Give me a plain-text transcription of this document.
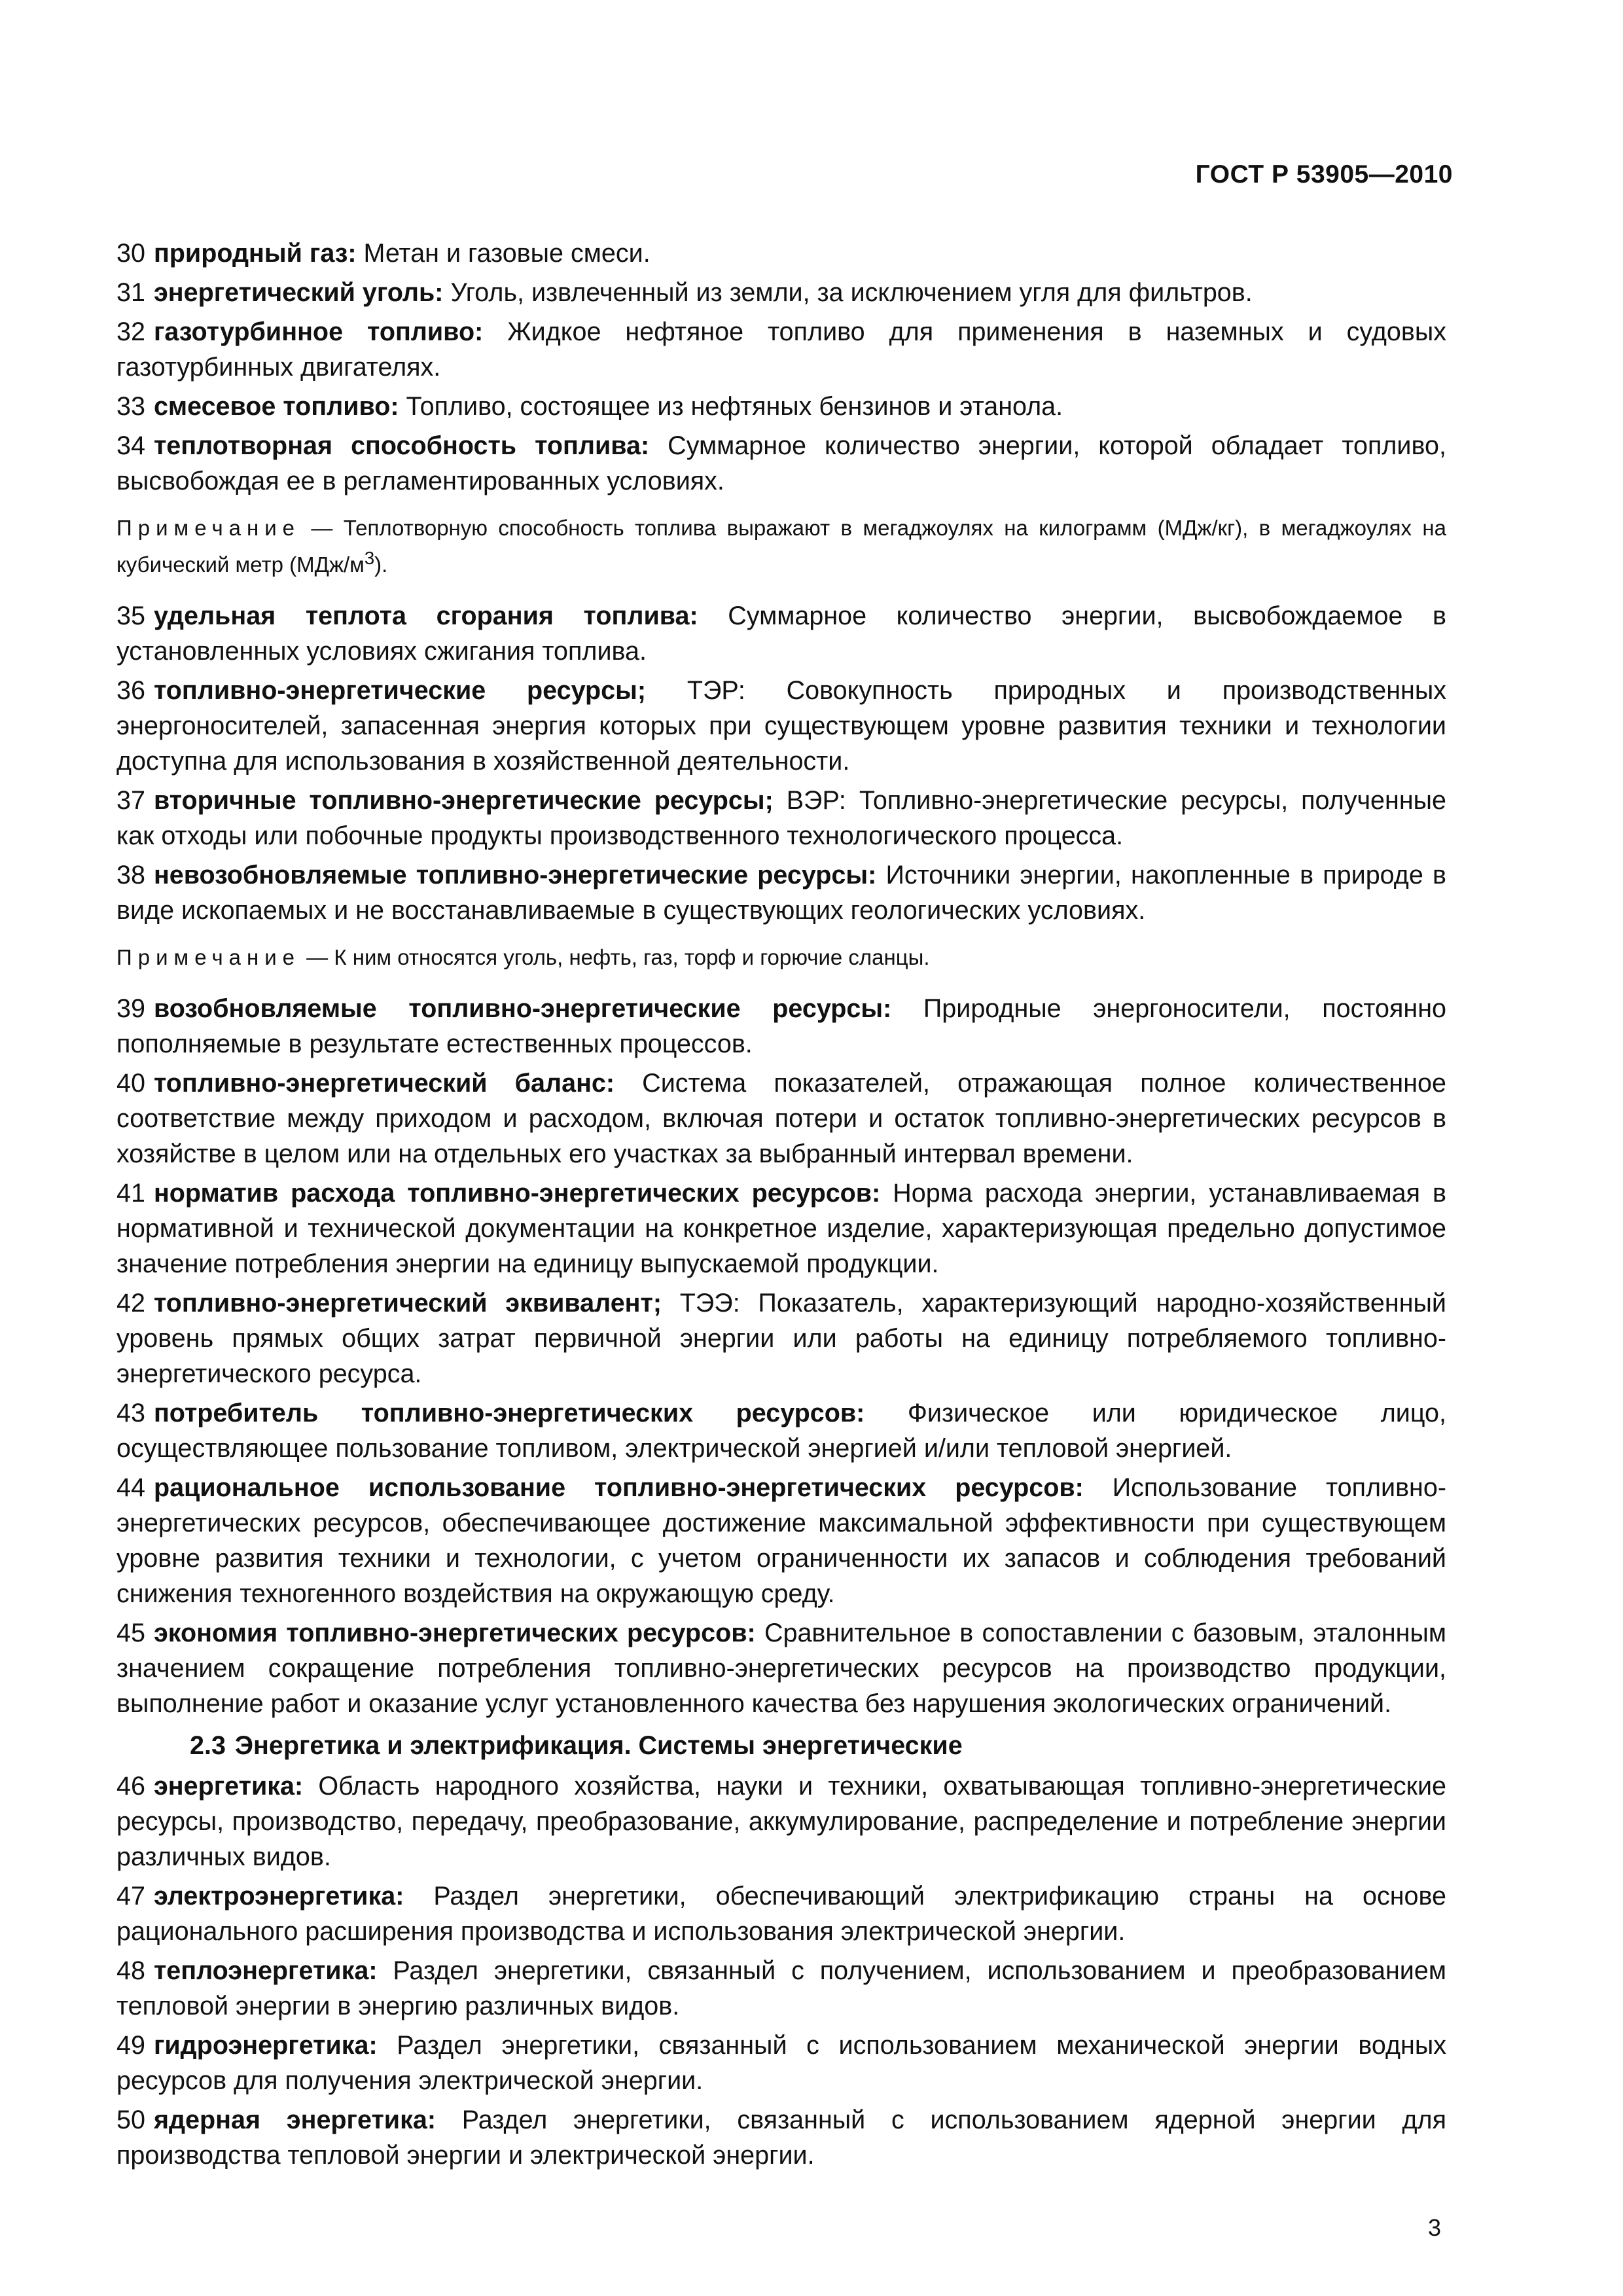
ГОСТ Р 53905—2010

30 природный газ: Метан и газовые смеси.

31 энергетический уголь: Уголь, извлеченный из земли, за исключением угля для фильтров.

32 газотурбинное топливо: Жидкое нефтяное топливо для применения в наземных и судовых газотурбинных двигателях.

33 смесевое топливо: Топливо, состоящее из нефтяных бензинов и этанола.

34 теплотворная способность топлива: Суммарное количество энергии, которой обладает топливо, высвобождая ее в регламентированных условиях.

Примечание — Теплотворную способность топлива выражают в мегаджоулях на килограмм (МДж/кг), в мегаджоулях на кубический метр $(МДж/м^3)$.

35 удельная теплота сгорания топлива: Суммарное количество энергии, высвобождаемое в установленных условиях сжигания топлива.

36 топливно-энергетические ресурсы; ТЭР: Совокупность природных и производственных энергоносителей, запасенная энергия которых при существующем уровне развития техники и технологии доступна для использования в хозяйственной деятельности.

37 вторичные топливно-энергетические ресурсы; ВЭР: Топливно-энергетические ресурсы, полученные как отходы или побочные продукты производственного технологического процесса.

38 невозобновляемые топливно-энергетические ресурсы: Источники энергии, накопленные в природе в виде ископаемых и не восстанавливаемые в существующих геологических условиях.

Примечание — К ним относятся уголь, нефть, газ, торф и горючие сланцы.

39 возобновляемые топливно-энергетические ресурсы: Природные энергоносители, постоянно пополняемые в результате естественных процессов.

40 топливно-энергетический баланс: Система показателей, отражающая полное количественное соответствие между приходом и расходом, включая потери и остаток топливно-энергетических ресурсов в хозяйстве в целом или на отдельных его участках за выбранный интервал времени.

41 норматив расхода топливно-энергетических ресурсов: Норма расхода энергии, устанавливаемая в нормативной и технической документации на конкретное изделие, характеризующая предельно допустимое значение потребления энергии на единицу выпускаемой продукции.

42 топливно-энергетический эквивалент; ТЭЭ: Показатель, характеризующий народно-хозяйственный уровень прямых общих затрат первичной энергии или работы на единицу потребляемого топливно-энергетического ресурса.

43 потребитель топливно-энергетических ресурсов: Физическое или юридическое лицо, осуществляющее пользование топливом, электрической энергией и/или тепловой энергией.

44 рациональное использование топливно-энергетических ресурсов: Использование топливно-энергетических ресурсов, обеспечивающее достижение максимальной эффективности при существующем уровне развития техники и технологии, с учетом ограниченности их запасов и соблюдения требований снижения техногенного воздействия на окружающую среду.

45 экономия топливно-энергетических ресурсов: Сравнительное в сопоставлении с базовым, эталонным значением сокращение потребления топливно-энергетических ресурсов на производство продукции, выполнение работ и оказание услуг установленного качества без нарушения экологических ограничений.

2.3 Энергетика и электрификация. Системы энергетические

46 энергетика: Область народного хозяйства, науки и техники, охватывающая топливно-энергетические ресурсы, производство, передачу, преобразование, аккумулирование, распределение и потребление энергии различных видов.

47 электроэнергетика: Раздел энергетики, обеспечивающий электрификацию страны на основе рационального расширения производства и использования электрической энергии.

48 теплоэнергетика: Раздел энергетики, связанный с получением, использованием и преобразованием тепловой энергии в энергию различных видов.

49 гидроэнергетика: Раздел энергетики, связанный с использованием механической энергии водных ресурсов для получения электрической энергии.

50 ядерная энергетика: Раздел энергетики, связанный с использованием ядерной энергии для производства тепловой энергии и электрической энергии.

3
